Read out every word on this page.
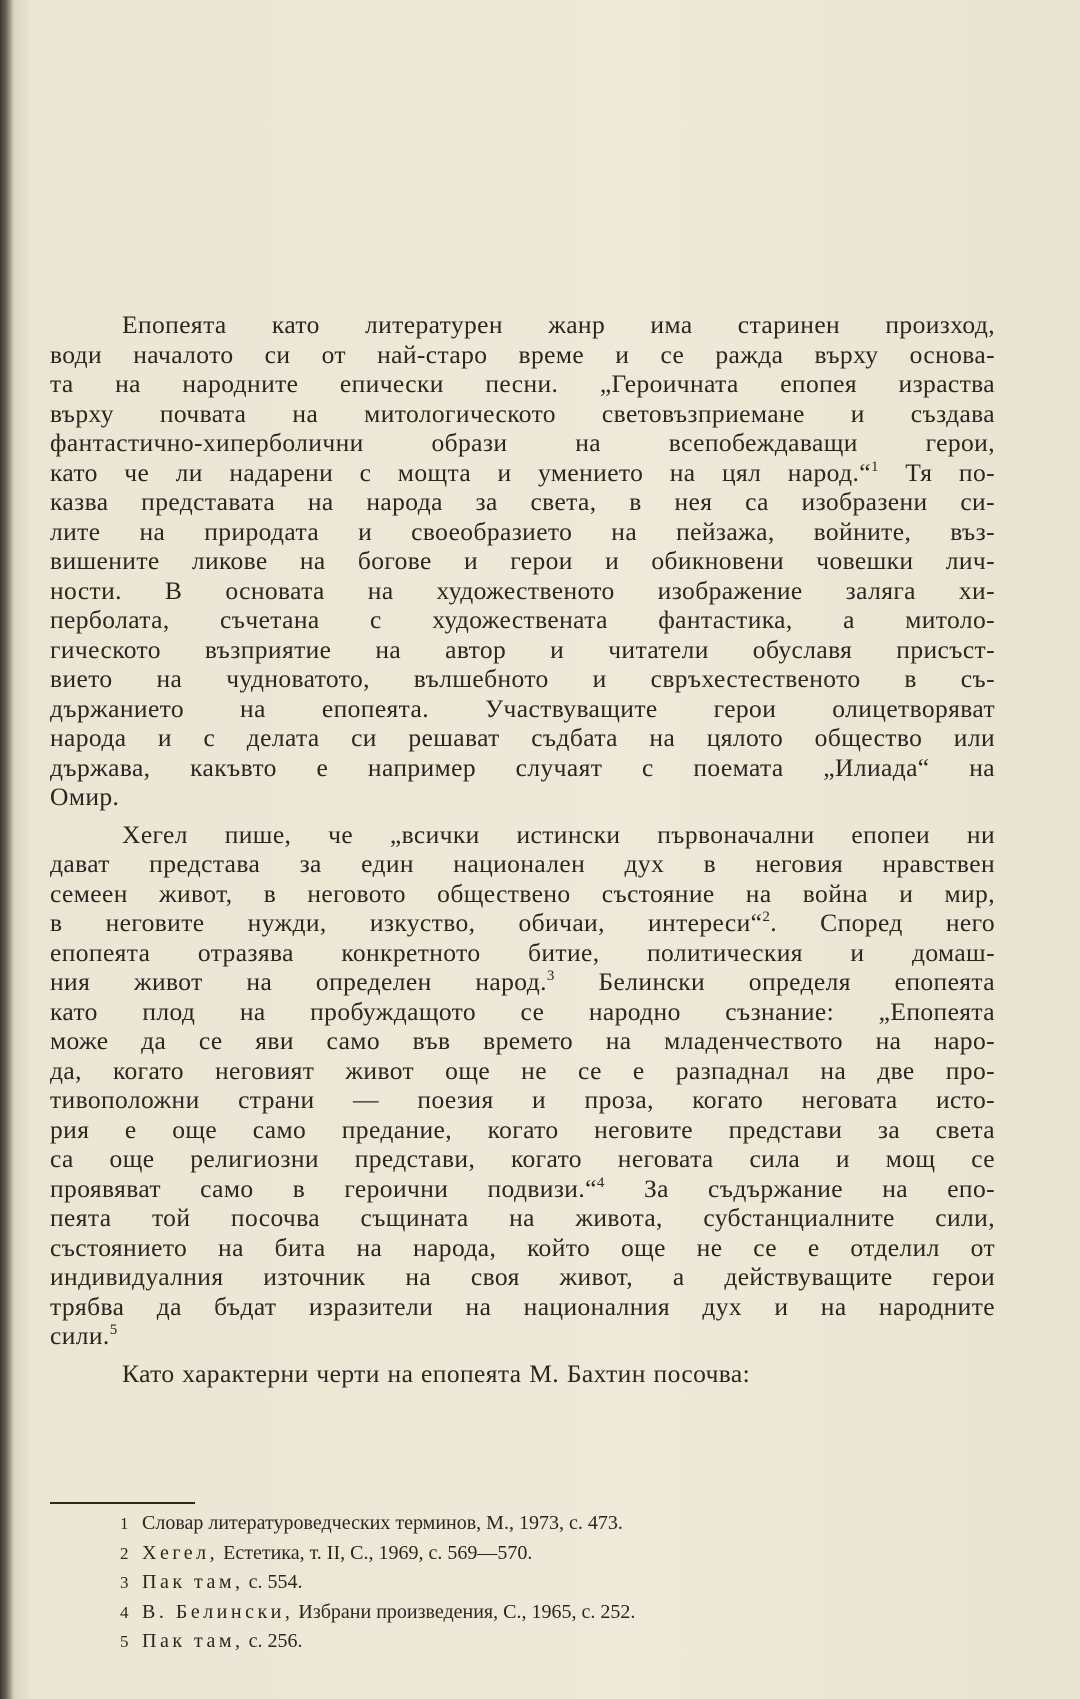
Епопеята като литературен жанр има старинен произход,
води началото си от най-старо време и се ражда върху основа-
та на народните епически песни. „Героичната епопея израства
върху почвата на митологическото световъзприемане и създава
фантастично-хиперболични образи на всепобеждаващи герои,
като че ли надарени с мощта и умението на цял народ.“$^1$ Тя по-
казва представата на народа за света, в нея са изобразени си-
лите на природата и своеобразието на пейзажа, войните, въз-
вишените ликове на богове и герои и обикновени човешки лич-
ности. В основата на художественото изображение залягa хи-
перболата, съчетана с художествената фантастика, а митоло-
гическото възприятие на автор и читатели обуславя присъст-
вието на чудноватото, вълшебното и свръхестественото в съ-
държанието на епопеята. Участвуващите герои олицетворяват
народа и с делата си решават съдбата на цялото общество или
държава, какъвто е например случаят с поемата „Илиада“ на
Омир.

Хегел пише, че „всички истински първоначални епопеи ни
дават представа за един национален дух в неговия нравствен
семеен живот, в неговото обществено състояние на война и мир,
в неговите нужди, изкуство, обичаи, интереси“$^2$. Според него
епопеята отразява конкретното битие, политическия и домаш-
ния живот на определен народ.$^3$ Белински определя епопеята
като плод на пробуждащото се народно съзнание: „Епопеята
може да се яви само във времето на младенчеството на наро-
да, когато неговият живот още не се е разпаднал на две про-
тивоположни страни — поезия и проза, когато неговата исто-
рия е още само предание, когато неговите представи за света
са още религиозни представи, когато неговата сила и мощ се
проявяват само в героични подвизи.“$^4$ За съдържание на епо-
пеята той посочва същината на живота, субстанциалните сили,
състоянието на бита на народа, който още не се е отделил от
индивидуалния източник на своя живот, а действуващите герои
трябва да бъдат изразители на националния дух и на народните
сили.$^5$

Като характерни черти на епопеята М. Бахтин посочва:

1 Словар литературоведческих терминов, М., 1973, с. 473.
2 Хегел, Естетика, т. II, С., 1969, с. 569—570.
3 Пак там, с. 554.
4 В. Белински, Избрани произведения, С., 1965, с. 252.
5 Пак там, с. 256.
